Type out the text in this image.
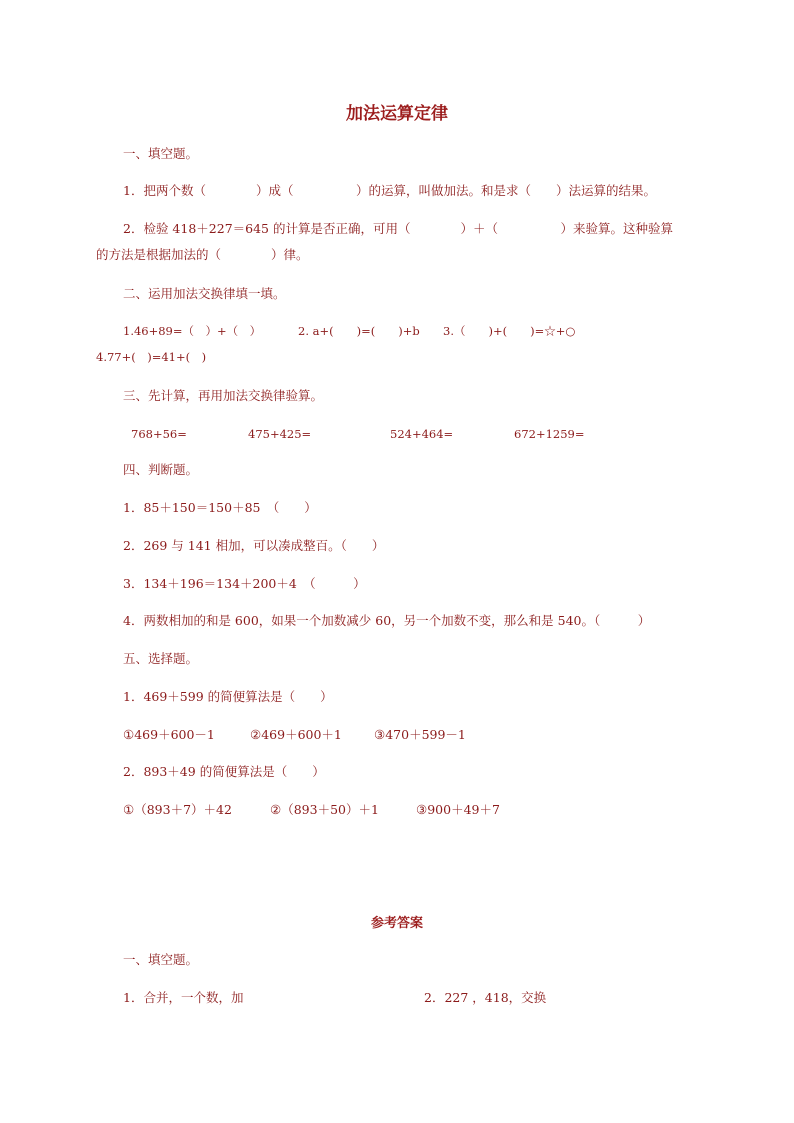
加法运算定律
一、填空题。
1．把两个数（　　　　）成（　　　　　）的运算，叫做加法。和是求（　　）法运算的结果。
2．检验 418＋227＝645 的计算是否正确，可用（　　　　）＋（　　　　　）来验算。这种验算
的方法是根据加法的（　　　　）律。
二、运用加法交换律填一填。
1.46+89=（　）+（　）	2. a+(　　)=(　　)+b 3.（　　)+(　　)=☆+○
4.77+(　)=41+(　)
三、先计算，再用加法交换律验算。
768+56=	475+425=	524+464=	672+1259=
四、判断题。
1．85＋150＝150＋85　（　　）
2．269 与 141 相加，可以凑成整百。（　　）
3．134＋196＝134＋200＋4　（　　　）
4．两数相加的和是 600，如果一个加数减少 60，另一个加数不变，那么和是 540。（　　　）
五、选择题。
1．469＋599 的简便算法是（　　）
①469＋600－1	②469＋600＋1	③470＋599－1
2．893＋49 的简便算法是（　　）
①（893＋7）＋42	②（893＋50）＋1	③900＋49＋7
参考答案
一、填空题。
1．合并，一个数，加	2．227 ，418，交换
